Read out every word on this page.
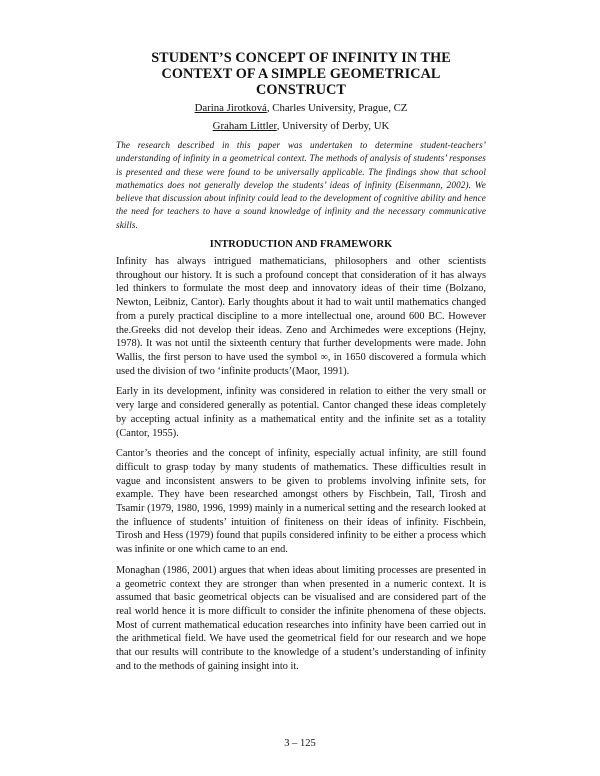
STUDENT’S CONCEPT OF INFINITY IN THE
CONTEXT OF A SIMPLE GEOMETRICAL CONSTRUCT
Darina Jirotková, Charles University, Prague, CZ
Graham Littler, University of Derby, UK
The research described in this paper was undertaken to determine student-teachers’ understanding of infinity in a geometrical context. The methods of analysis of students’ responses is presented and these were found to be universally applicable. The findings show that school mathematics does not generally develop the students’ ideas of infinity (Eisenmann, 2002). We believe that discussion about infinity could lead to the development of cognitive ability and hence the need for teachers to have a sound knowledge of infinity and the necessary communicative skills.
INTRODUCTION AND FRAMEWORK
Infinity has always intrigued mathematicians, philosophers and other scientists throughout our history. It is such a profound concept that consideration of it has always led thinkers to formulate the most deep and innovatory ideas of their time (Bolzano, Newton, Leibniz, Cantor). Early thoughts about it had to wait until mathematics changed from a purely practical discipline to a more intellectual one, around 600 BC. However the.Greeks did not develop their ideas. Zeno and Archimedes were exceptions (Hejny, 1978). It was not until the sixteenth century that further developments were made. John Wallis, the first person to have used the symbol ∞, in 1650 discovered a formula which used the division of two ‘infinite products’(Maor, 1991).
Early in its development, infinity was considered in relation to either the very small or very large and considered generally as potential. Cantor changed these ideas completely by accepting actual infinity as a mathematical entity and the infinite set as a totality (Cantor, 1955).
Cantor’s theories and the concept of infinity, especially actual infinity, are still found difficult to grasp today by many students of mathematics. These difficulties result in vague and inconsistent answers to be given to problems involving infinite sets, for example. They have been researched amongst others by Fischbein, Tall, Tirosh and Tsamir (1979, 1980, 1996, 1999) mainly in a numerical setting and the research looked at the influence of students’ intuition of finiteness on their ideas of infinity. Fischbein, Tirosh and Hess (1979) found that pupils considered infinity to be either a process which was infinite or one which came to an end.
Monaghan (1986, 2001) argues that when ideas about limiting processes are presented in a geometric context they are stronger than when presented in a numeric context. It is assumed that basic geometrical objects can be visualised and are considered part of the real world hence it is more difficult to consider the infinite phenomena of these objects. Most of current mathematical education researches into infinity have been carried out in the arithmetical field. We have used the geometrical field for our research and we hope that our results will contribute to the knowledge of a student’s understanding of infinity and to the methods of gaining insight into it.
3 – 125
